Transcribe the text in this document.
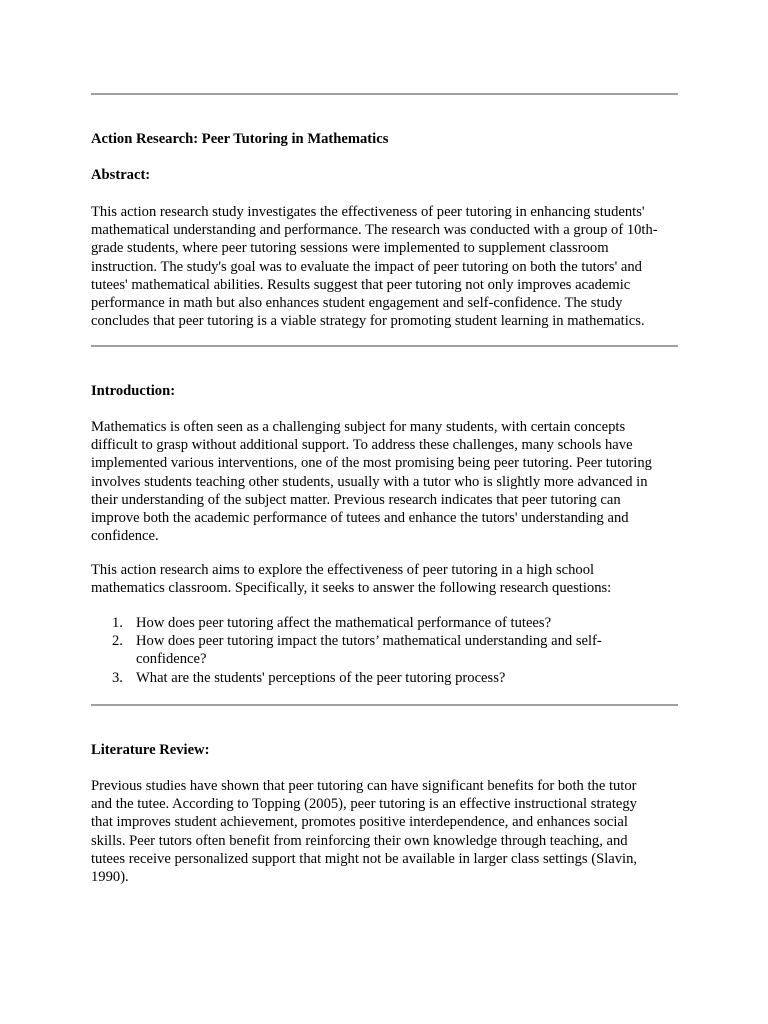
Action Research: Peer Tutoring in Mathematics
Abstract:
This action research study investigates the effectiveness of peer tutoring in enhancing students'
mathematical understanding and performance. The research was conducted with a group of 10th-
grade students, where peer tutoring sessions were implemented to supplement classroom
instruction. The study's goal was to evaluate the impact of peer tutoring on both the tutors' and
tutees' mathematical abilities. Results suggest that peer tutoring not only improves academic
performance in math but also enhances student engagement and self-confidence. The study
concludes that peer tutoring is a viable strategy for promoting student learning in mathematics.
Introduction:
Mathematics is often seen as a challenging subject for many students, with certain concepts
difficult to grasp without additional support. To address these challenges, many schools have
implemented various interventions, one of the most promising being peer tutoring. Peer tutoring
involves students teaching other students, usually with a tutor who is slightly more advanced in
their understanding of the subject matter. Previous research indicates that peer tutoring can
improve both the academic performance of tutees and enhance the tutors' understanding and
confidence.
This action research aims to explore the effectiveness of peer tutoring in a high school
mathematics classroom. Specifically, it seeks to answer the following research questions:
1. How does peer tutoring affect the mathematical performance of tutees?
2. How does peer tutoring impact the tutors’ mathematical understanding and self-
confidence?
3. What are the students' perceptions of the peer tutoring process?
Literature Review:
Previous studies have shown that peer tutoring can have significant benefits for both the tutor
and the tutee. According to Topping (2005), peer tutoring is an effective instructional strategy
that improves student achievement, promotes positive interdependence, and enhances social
skills. Peer tutors often benefit from reinforcing their own knowledge through teaching, and
tutees receive personalized support that might not be available in larger class settings (Slavin,
1990).
